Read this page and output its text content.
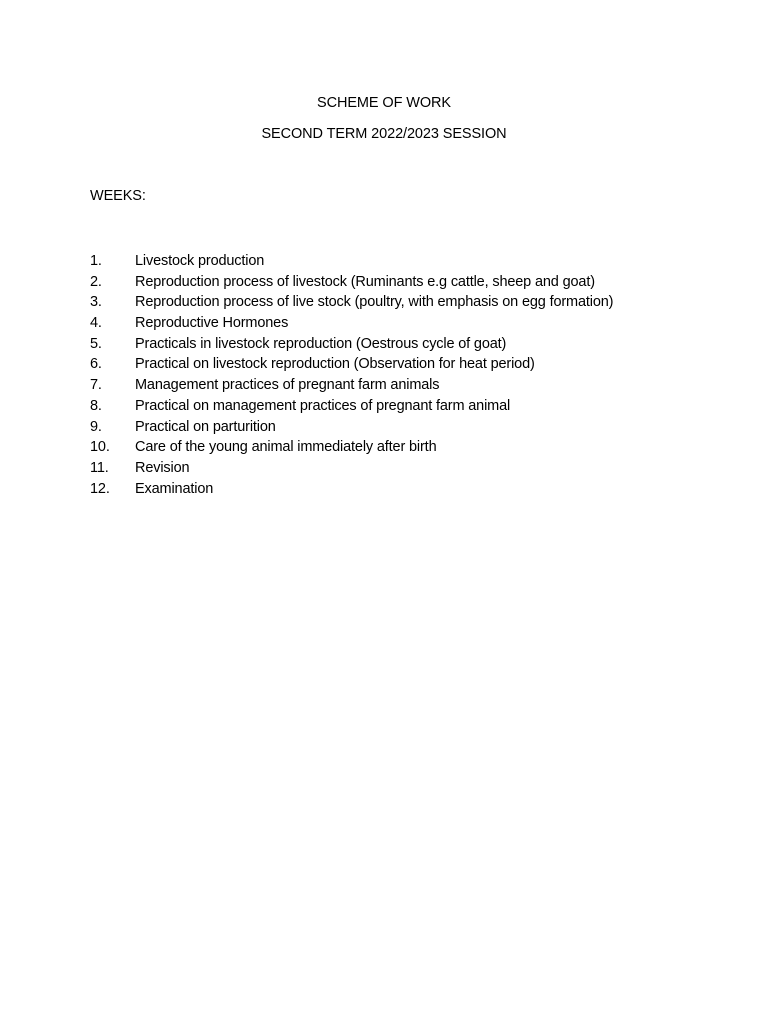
SCHEME OF WORK
SECOND TERM 2022/2023 SESSION
WEEKS:
1.	Livestock production
2.	Reproduction process of livestock (Ruminants e.g cattle, sheep and goat)
3.	Reproduction process of live stock (poultry, with emphasis on egg formation)
4.	Reproductive Hormones
5.	Practicals in livestock reproduction (Oestrous cycle of goat)
6.	Practical on livestock reproduction (Observation for heat period)
7.	Management practices of pregnant farm animals
8.	Practical on management practices of pregnant farm animal
9.	Practical on parturition
10.	Care of the young animal immediately after birth
11.	Revision
12.	Examination
